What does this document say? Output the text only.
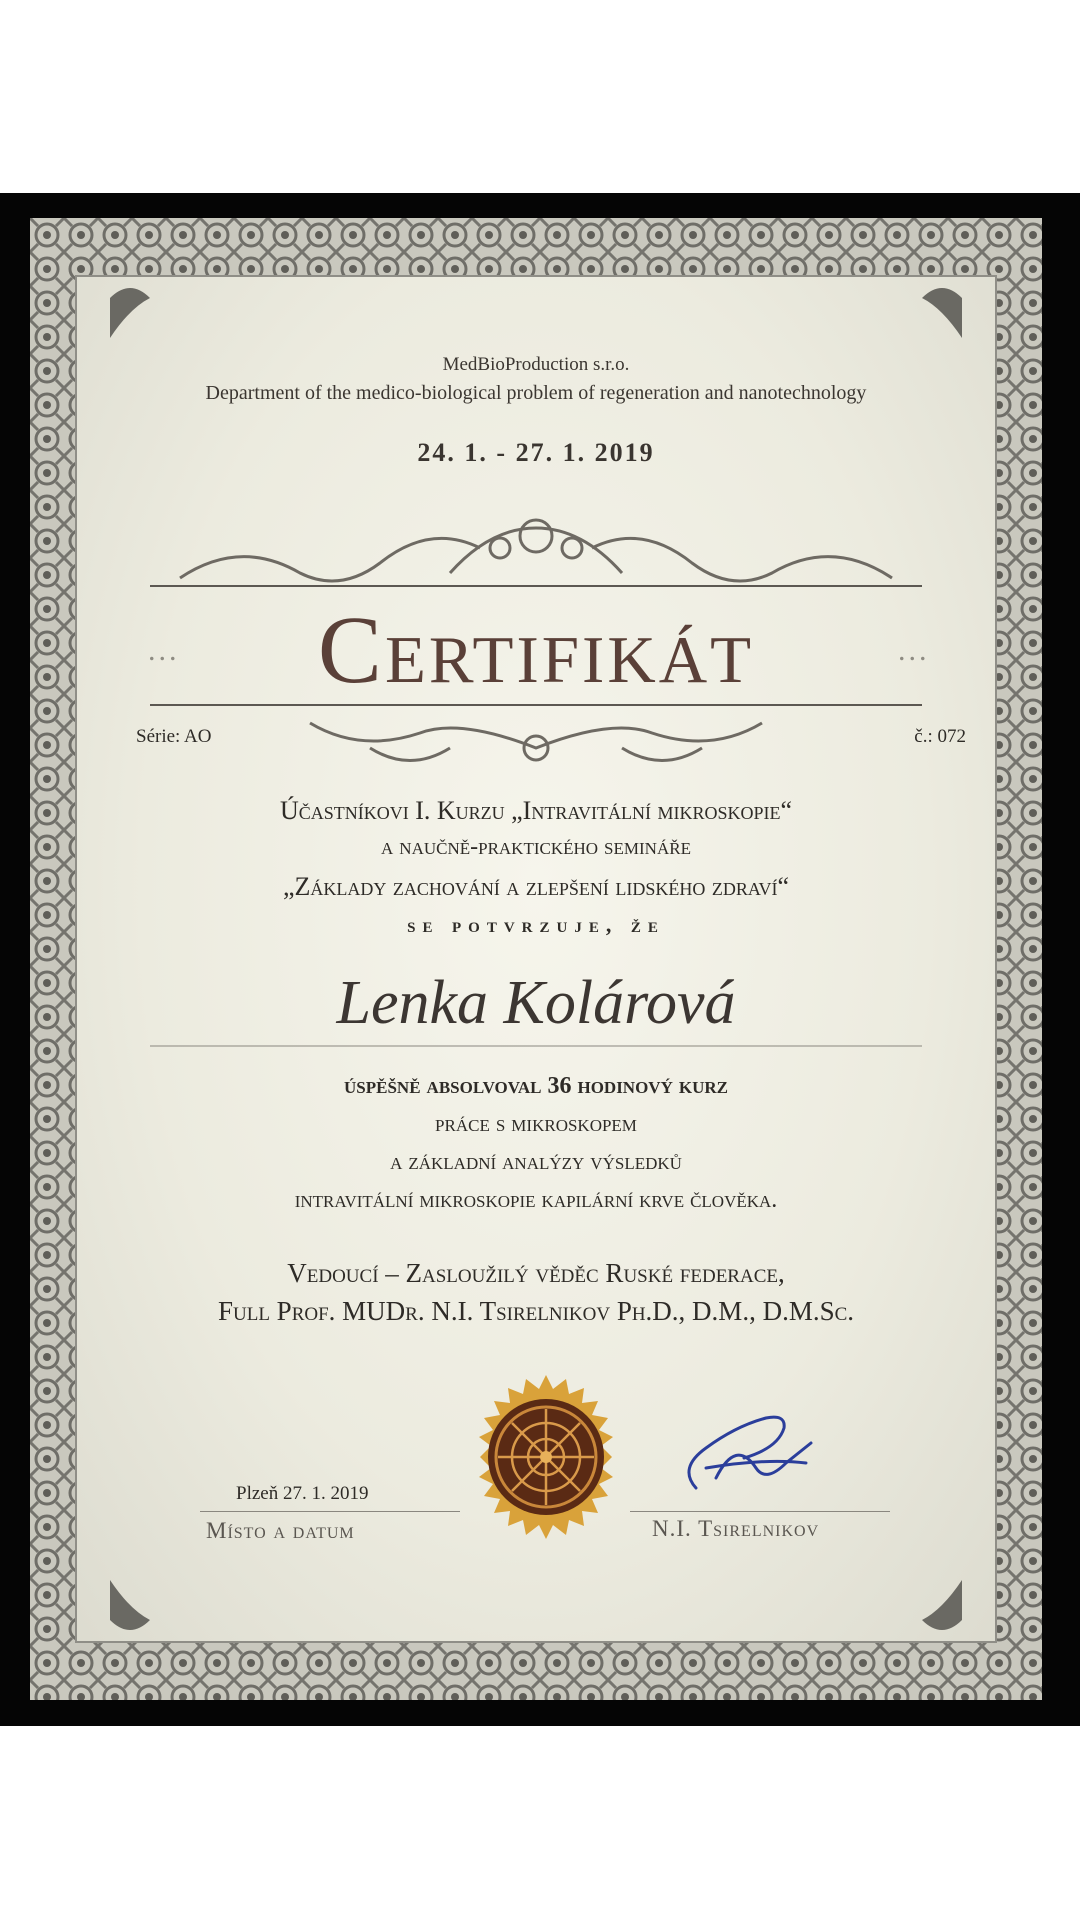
MedBioProduction s.r.o.
Department of the medico-biological problem of regeneration and nanotechnology
24. 1. - 27. 1. 2019
...	Certifikát	...
Série: AO	č.: 072
Účastníkovi I. Kurzu „Intravitální mikroskopie“
a naučně-praktického semináře
„Základy zachování a zlepšení lidského zdraví“
se potvrzuje, že
Lenka Kolárová
úspěšně absolvoval 36 hodinový kurz
práce s mikroskopem
a základní analýzy výsledků
intravitální mikroskopie kapilární krve člověka.
Vedoucí – Zasloužilý věděc Ruské federace,
Full Prof. MUDr. N.I. Tsirelnikov Ph.D., D.M., D.M.Sc.
Plzeň 27. 1. 2019
Místo a datum	N.I. Tsirelnikov
